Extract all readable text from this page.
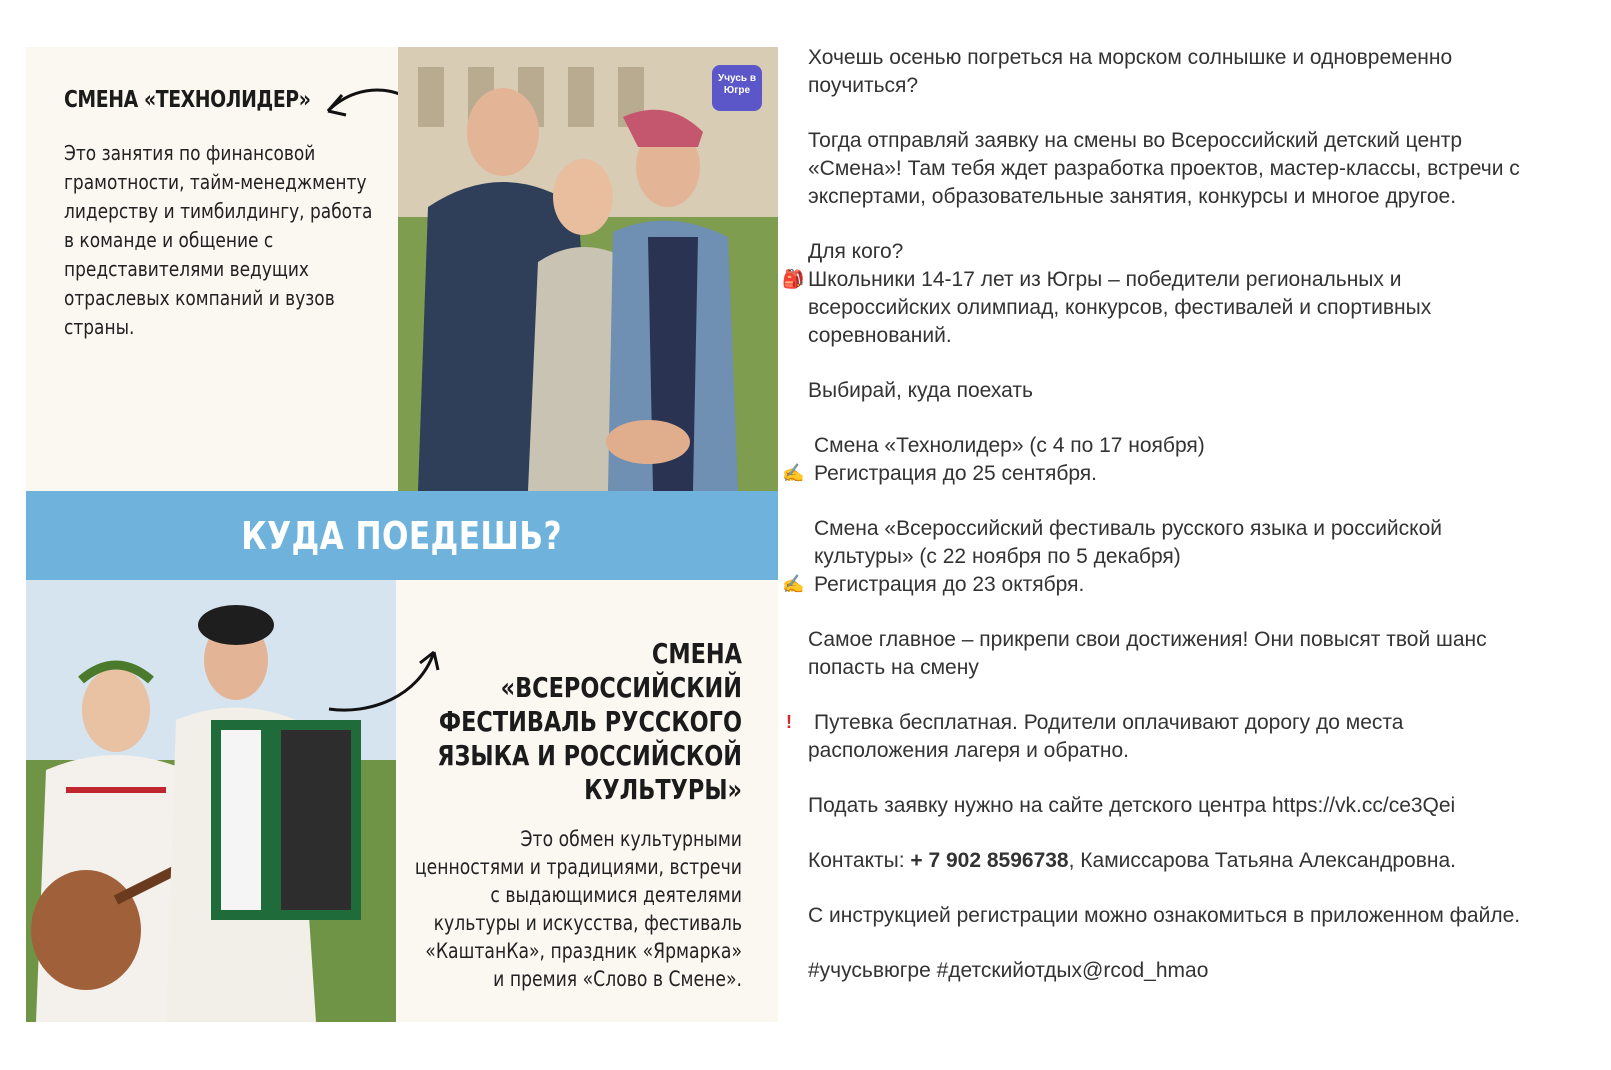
СМЕНА «ТЕХНОЛИДЕР»
Это занятия по финансовой грамотности, тайм-менеджменту лидерству и тимбилдингу, работа в команде и общение с представителями ведущих отраслевых компаний и вузов страны.
Учусь в Югре
КУДА ПОЕДЕШЬ?
СМЕНА «ВСЕРОССИЙСКИЙ ФЕСТИВАЛЬ РУССКОГО ЯЗЫКА И РОССИЙСКОЙ КУЛЬТУРЫ»
Это обмен культурными ценностями и традициями, встречи с выдающимися деятелями культуры и искусства, фестиваль «КаштанКа», праздник «Ярмарка» и премия «Слово в Смене».

Хочешь осенью погреться на морском солнышке и одновременно поучиться?

Тогда отправляй заявку на смены во Всероссийский детский центр «Смена»! Там тебя ждет разработка проектов, мастер-классы, встречи с экспертами, образовательные занятия, конкурсы и многое другое.

Для кого?
🎒 Школьники 14-17 лет из Югры – победители региональных и всероссийских олимпиад, конкурсов, фестивалей и спортивных соревнований.

Выбирай, куда поехать

Смена «Технолидер» (с 4 по 17 ноября)
✍️ Регистрация до 25 сентября.

Смена «Всероссийский фестиваль русского языка и российской культуры» (с 22 ноября по 5 декабря)
✍️ Регистрация до 23 октября.

Самое главное – прикрепи свои достижения! Они повысят твой шанс попасть на смену

! Путевка бесплатная. Родители оплачивают дорогу до места расположения лагеря и обратно.

Подать заявку нужно на сайте детского центра https://vk.cc/ce3Qei

Контакты: + 7 902 8596738, Камиссарова Татьяна Александровна.

С инструкцией регистрации можно ознакомиться в приложенном файле.

#учусьвюгре #детскийотдых@rcod_hmao
